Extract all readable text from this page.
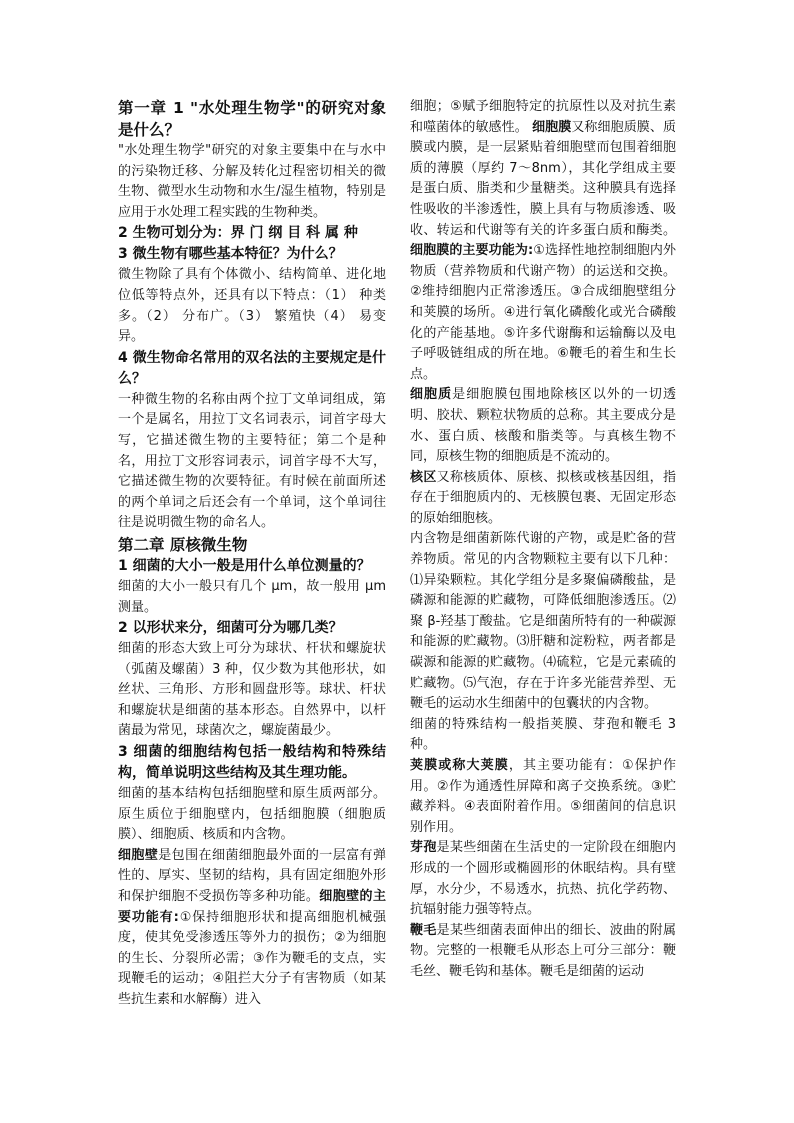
第一章 1 "水处理生物学"的研究对象是什么？

"水处理生物学"研究的对象主要集中在与水中的污染物迁移、分解及转化过程密切相关的微生物、微型水生动物和水生/湿生植物，特别是应用于水处理工程实践的生物种类。

2 生物可划分为：界 门 纲 目 科 属 种

3 微生物有哪些基本特征？为什么？

微生物除了具有个体微小、结构简单、进化地位低等特点外，还具有以下特点：（1） 种类多。（2） 分布广。（3） 繁殖快（4） 易变异。

4 微生物命名常用的双名法的主要规定是什么？

一种微生物的名称由两个拉丁文单词组成，第一个是属名，用拉丁文名词表示，词首字母大写，它描述微生物的主要特征；第二个是种名，用拉丁文形容词表示，词首字母不大写，它描述微生物的次要特征。有时候在前面所述的两个单词之后还会有一个单词，这个单词往往是说明微生物的命名人。

第二章 原核微生物

1 细菌的大小一般是用什么单位测量的？

细菌的大小一般只有几个 μm，故一般用 μm 测量。

2 以形状来分，细菌可分为哪几类？

细菌的形态大致上可分为球状、杆状和螺旋状（弧菌及螺菌）3 种，仅少数为其他形状，如丝状、三角形、方形和圆盘形等。球状、杆状和螺旋状是细菌的基本形态。自然界中，以杆菌最为常见，球菌次之，螺旋菌最少。

3 细菌的细胞结构包括一般结构和特殊结构，简单说明这些结构及其生理功能。

细菌的基本结构包括细胞壁和原生质两部分。原生质位于细胞壁内，包括细胞膜（细胞质膜）、细胞质、核质和内含物。

细胞壁是包围在细菌细胞最外面的一层富有弹性的、厚实、坚韧的结构，具有固定细胞外形和保护细胞不受损伤等多种功能。细胞壁的主要功能有:①保持细胞形状和提高细胞机械强度，使其免受渗透压等外力的损伤；②为细胞的生长、分裂所必需；③作为鞭毛的支点，实现鞭毛的运动；④阻拦大分子有害物质（如某些抗生素和水解酶）进入

细胞；⑤赋予细胞特定的抗原性以及对抗生素和噬菌体的敏感性。 细胞膜又称细胞质膜、质膜或内膜，是一层紧贴着细胞壁而包围着细胞质的薄膜（厚约 7～8nm），其化学组成主要是蛋白质、脂类和少量糖类。这种膜具有选择性吸收的半渗透性，膜上具有与物质渗透、吸收、转运和代谢等有关的许多蛋白质和酶类。细胞膜的主要功能为:①选择性地控制细胞内外物质（营养物质和代谢产物）的运送和交换。②维持细胞内正常渗透压。③合成细胞壁组分和荚膜的场所。④进行氧化磷酸化或光合磷酸化的产能基地。⑤许多代谢酶和运输酶以及电子呼吸链组成的所在地。⑥鞭毛的着生和生长点。

细胞质是细胞膜包围地除核区以外的一切透明、胶状、颗粒状物质的总称。其主要成分是水、蛋白质、核酸和脂类等。与真核生物不同，原核生物的细胞质是不流动的。

核区又称核质体、原核、拟核或核基因组，指存在于细胞质内的、无核膜包裹、无固定形态的原始细胞核。

内含物是细菌新陈代谢的产物，或是贮备的营养物质。常见的内含物颗粒主要有以下几种：⑴异染颗粒。其化学组分是多聚偏磷酸盐，是磷源和能源的贮藏物，可降低细胞渗透压。⑵聚 β-羟基丁酸盐。它是细菌所特有的一种碳源和能源的贮藏物。⑶肝糖和淀粉粒，两者都是碳源和能源的贮藏物。⑷硫粒，它是元素硫的贮藏物。⑸气泡，存在于许多光能营养型、无鞭毛的运动水生细菌中的包囊状的内含物。

细菌的特殊结构一般指荚膜、芽孢和鞭毛 3 种。

荚膜或称大荚膜，其主要功能有：①保护作用。②作为通透性屏障和离子交换系统。③贮藏养料。④表面附着作用。⑤细菌间的信息识别作用。

芽孢是某些细菌在生活史的一定阶段在细胞内形成的一个圆形或椭圆形的休眠结构。具有壁厚，水分少，不易透水，抗热、抗化学药物、抗辐射能力强等特点。

鞭毛是某些细菌表面伸出的细长、波曲的附属物。完整的一根鞭毛从形态上可分三部分：鞭毛丝、鞭毛钩和基体。鞭毛是细菌的运动
